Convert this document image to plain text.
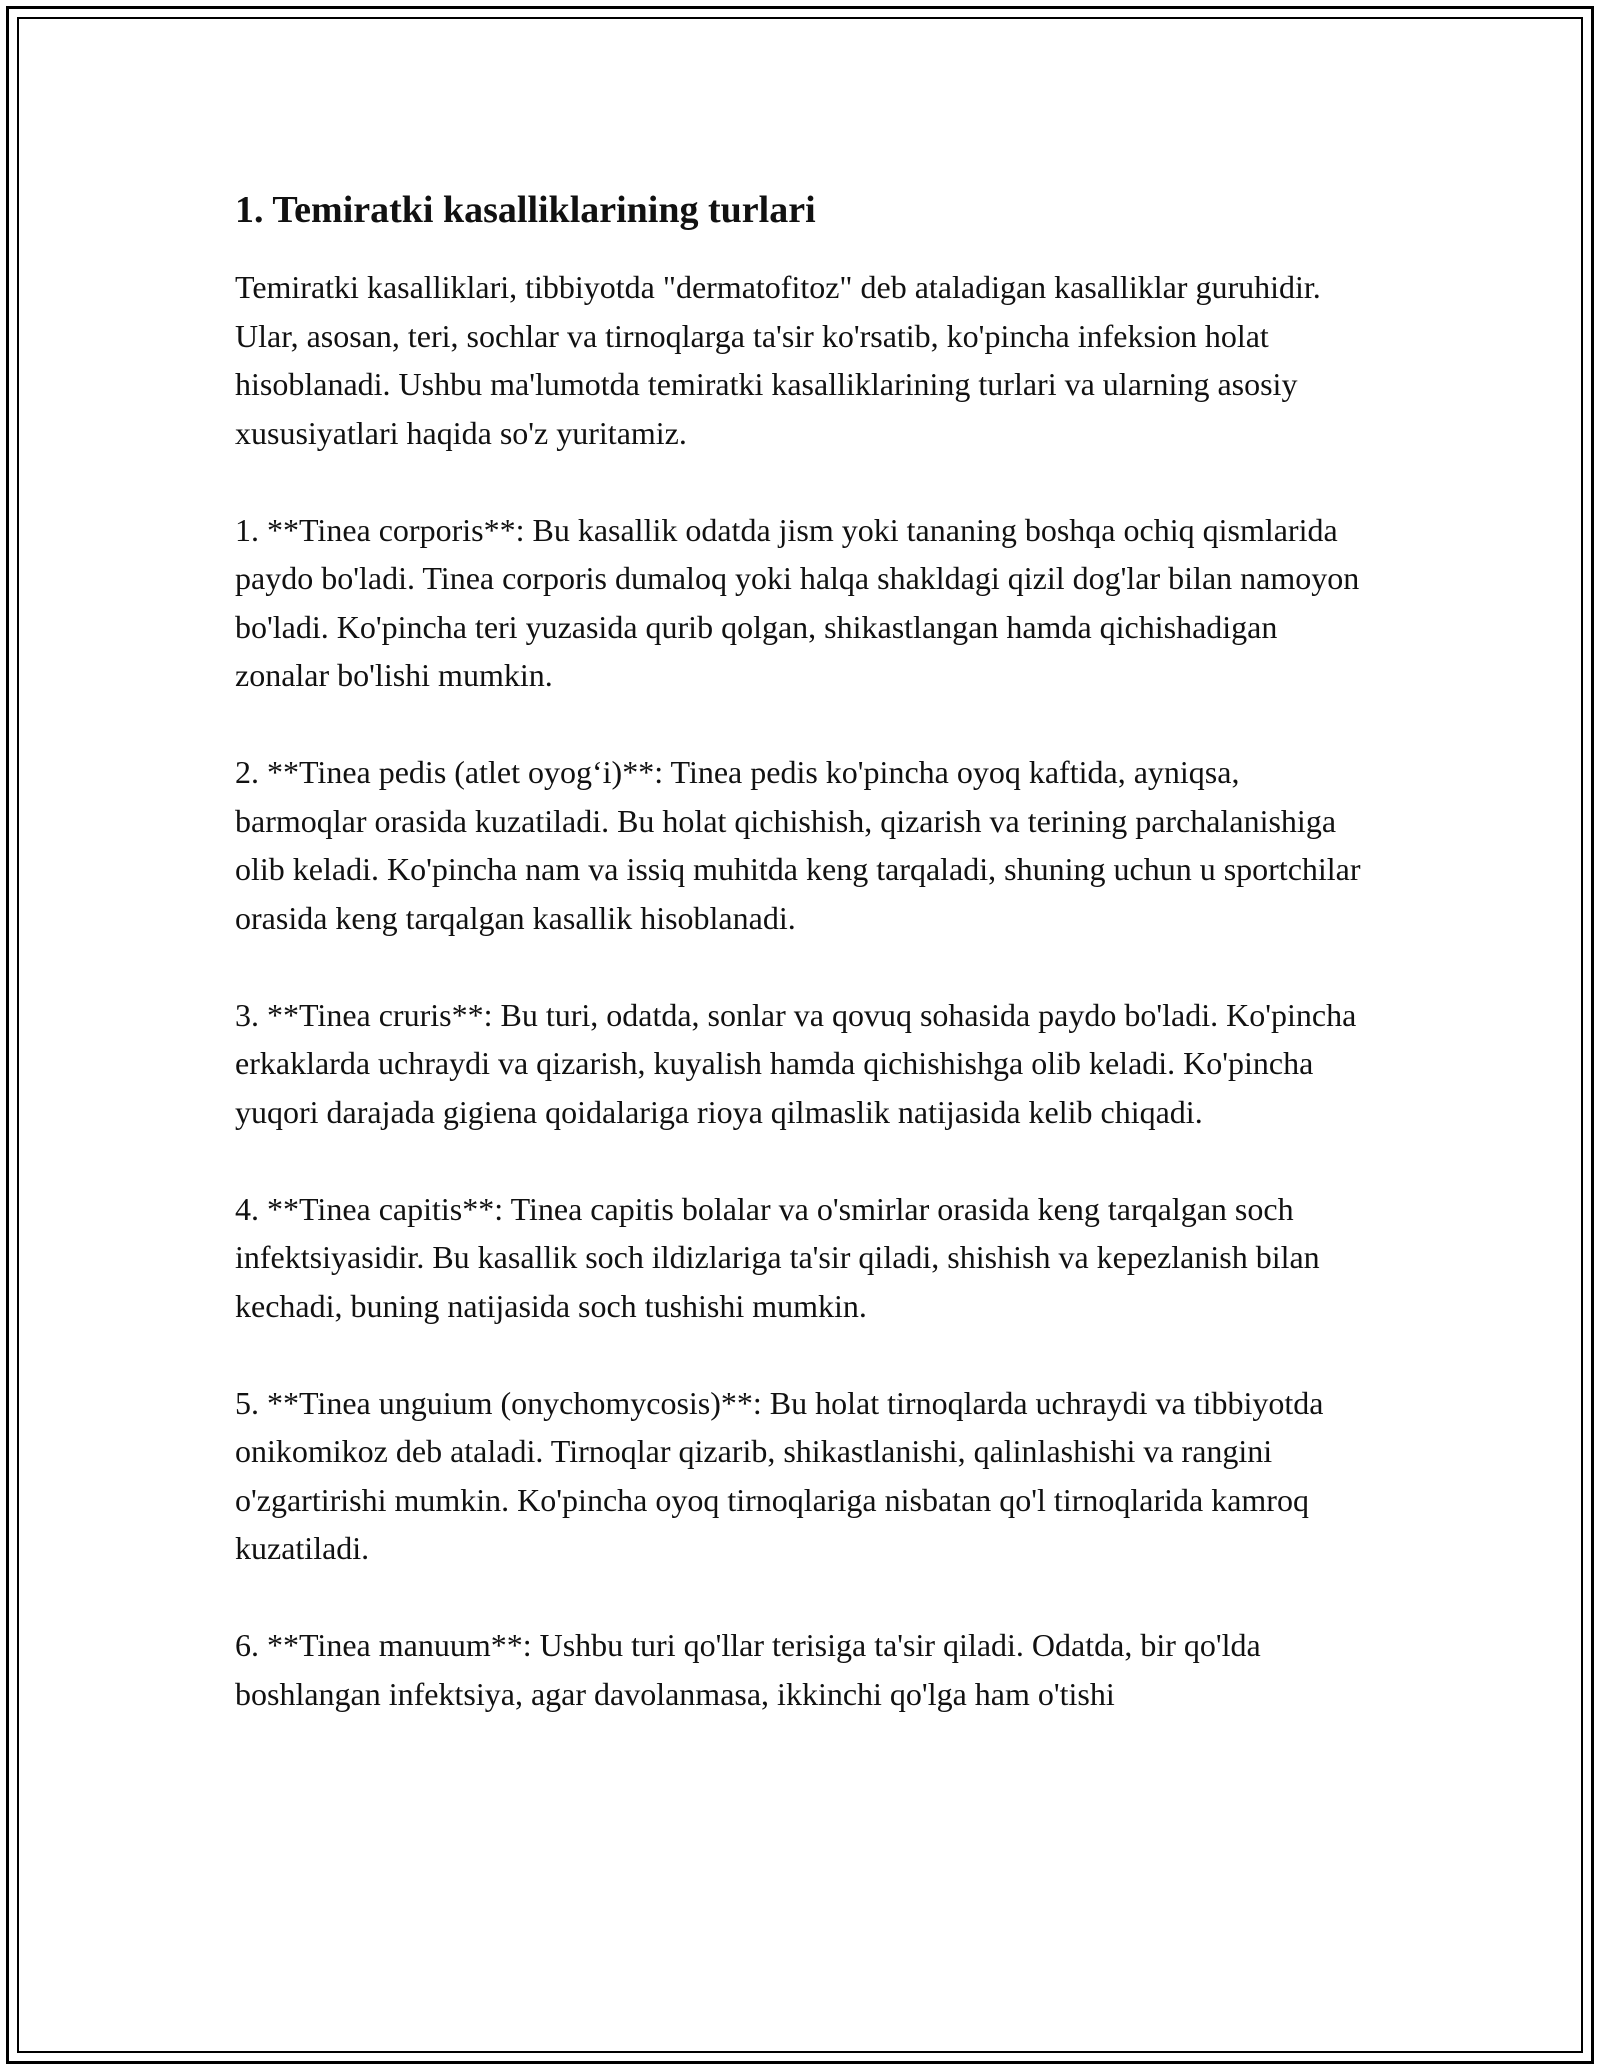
1. Temiratki kasalliklarining turlari

Temiratki kasalliklari, tibbiyotda "dermatofitoz" deb ataladigan kasalliklar guruhidir. Ular, asosan, teri, sochlar va tirnoqlarga ta'sir ko'rsatib, ko'pincha infeksion holat hisoblanadi. Ushbu ma'lumotda temiratki kasalliklarining turlari va ularning asosiy xususiyatlari haqida so'z yuritamiz.

1. **Tinea corporis**: Bu kasallik odatda jism yoki tananing boshqa ochiq qismlarida paydo bo'ladi. Tinea corporis dumaloq yoki halqa shakldagi qizil dog'lar bilan namoyon bo'ladi. Ko'pincha teri yuzasida qurib qolgan, shikastlangan hamda qichishadigan zonalar bo'lishi mumkin.

2. **Tinea pedis (atlet oyog‘i)**: Tinea pedis ko'pincha oyoq kaftida, ayniqsa, barmoqlar orasida kuzatiladi. Bu holat qichishish, qizarish va terining parchalanishiga olib keladi. Ko'pincha nam va issiq muhitda keng tarqaladi, shuning uchun u sportchilar orasida keng tarqalgan kasallik hisoblanadi.

3. **Tinea cruris**: Bu turi, odatda, sonlar va qovuq sohasida paydo bo'ladi. Ko'pincha erkaklarda uchraydi va qizarish, kuyalish hamda qichishishga olib keladi. Ko'pincha yuqori darajada gigiena qoidalariga rioya qilmaslik natijasida kelib chiqadi.

4. **Tinea capitis**: Tinea capitis bolalar va o'smirlar orasida keng tarqalgan soch infektsiyasidir. Bu kasallik soch ildizlariga ta'sir qiladi, shishish va kepezlanish bilan kechadi, buning natijasida soch tushishi mumkin.

5. **Tinea unguium (onychomycosis)**: Bu holat tirnoqlarda uchraydi va tibbiyotda onikomikoz deb ataladi. Tirnoqlar qizarib, shikastlanishi, qalinlashishi va rangini o'zgartirishi mumkin. Ko'pincha oyoq tirnoqlariga nisbatan qo'l tirnoqlarida kamroq kuzatiladi.

6. **Tinea manuum**: Ushbu turi qo'llar terisiga ta'sir qiladi. Odatda, bir qo'lda boshlangan infektsiya, agar davolanmasa, ikkinchi qo'lga ham o'tishi
